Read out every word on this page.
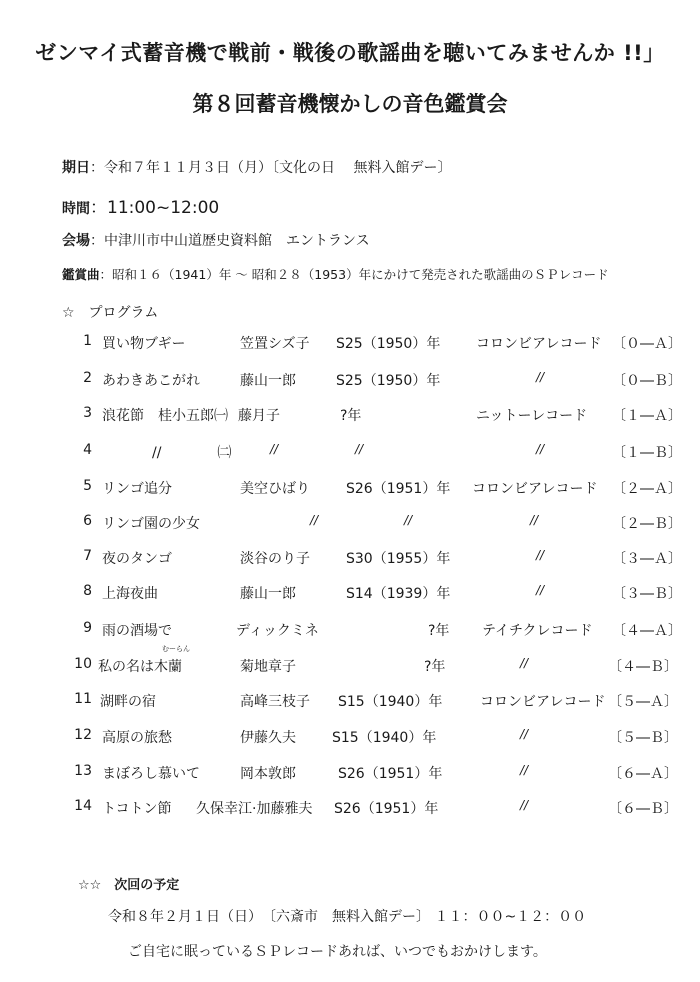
ゼンマイ式蓄音機で戦前・戦後の歌謡曲を聴いてみませんか !!」
第８回蓄音機懐かしの音色鑑賞会
期日：令和７年１１月３日（月）〔文化の日　 無料入館デー〕
時間：11:00~12:00
会場：中津川市中山道歴史資料館　エントランス
鑑賞曲：昭和１６（1941）年 ～ 昭和２８（1953）年にかけて発売された歌謡曲のＳＰレコード
☆　プログラム
1 買い物ブギー	笠置シズ子 S25（1950）年	コロンビアレコード 〔０―Ａ〕
2 あわきあこがれ	藤山一郎	S25（1950）年	//	〔０―Ｂ〕
3 浪花節　桂小五郎㈠ 藤月子	?年	ニットーレコード 〔１―Ａ〕
4	//　　　　㈡	//	//	//	〔１―Ｂ〕
5 リンゴ追分	美空ひばり	S26（1951）年 コロンビアレコード 〔２―Ａ〕
6 リンゴ園の少女	//	//	//	〔２―Ｂ〕
7 夜のタンゴ	淡谷のり子	S30（1955）年	//	〔３―Ａ〕
8 上海夜曲	藤山一郎	S14（1939）年	//	〔３―Ｂ〕
9 雨の酒場で	ディックミネ	?年 テイチクレコード 〔４―Ａ〕
10 私の名は木蘭	菊地章子	?年	//	〔４―Ｂ〕
11 湖畔の宿	高峰三枝子 S15（1940）年	コロンビアレコード 〔５―Ａ〕
12 高原の旅愁	伊藤久夫	S15（1940）年	//	〔５―Ｂ〕
13 まぼろし慕いて	岡本敦郎	S26（1951）年	//	〔６―Ａ〕
14 トコトン節 久保幸江·加藤雅夫 S26（1951）年	//	〔６―Ｂ〕
むーらん
☆☆　次回の予定
令和８年２月１日（日）　〔六斎市　無料入館デー〕 １１：００~１２：００
ご自宅に眠っているＳＰレコードあれば、いつでもおかけします。
